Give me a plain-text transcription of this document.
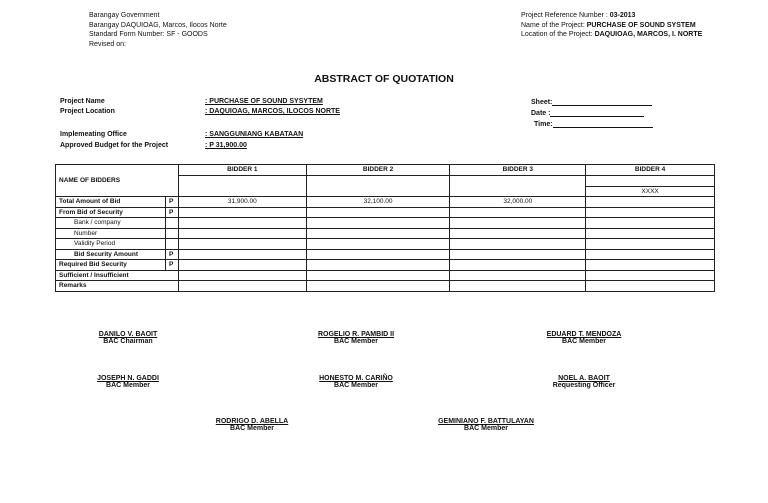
Barangay Government
Barangay DAQUIOAG, Marcos, Ilocos Norte
Standard Form Number: SF - GOODS
Revised on:
Project Reference Number : 03-2013
Name of the Project: PURCHASE OF SOUND SYSTEM
Location of the Project: DAQUIOAG, MARCOS, I. NORTE
ABSTRACT OF QUOTATION
Project Name	: PURCHASE OF SOUND SYSYTEM
Project Location	: DAQUIOAG, MARCOS, ILOCOS NORTE
Implemeating Office	: SANGGUNIANG KABATAAN
Approved Budget for the Project	: P 31,900.00
Sheet:
Date :
Time:
NAME OF BIDDERS		BIDDER 1	BIDDER 2	BIDDER 3	BIDDER 4

					XXXX
Total Amount of Bid	P	31,900.00	32,100.00	32,000.00	
From Bid of Security	P				
Bank / company					
Number					
Validity Period					
Bid Security Amount	P				
Required Bid Security	P				
Sufficient / Insufficient					
Remarks					
DANILO V. BAOIT
BAC Chairman
ROGELIO R. PAMBID II
BAC Member
EDUARD T. MENDOZA
BAC Member
JOSEPH N. GADDI
BAC Member
HONESTO M. CARIÑO
BAC Member
NOEL A. BAOIT
Requesting Officer
RODRIGO D. ABELLA
BAC Member
GEMINIANO F. BATTULAYAN
BAC Member
